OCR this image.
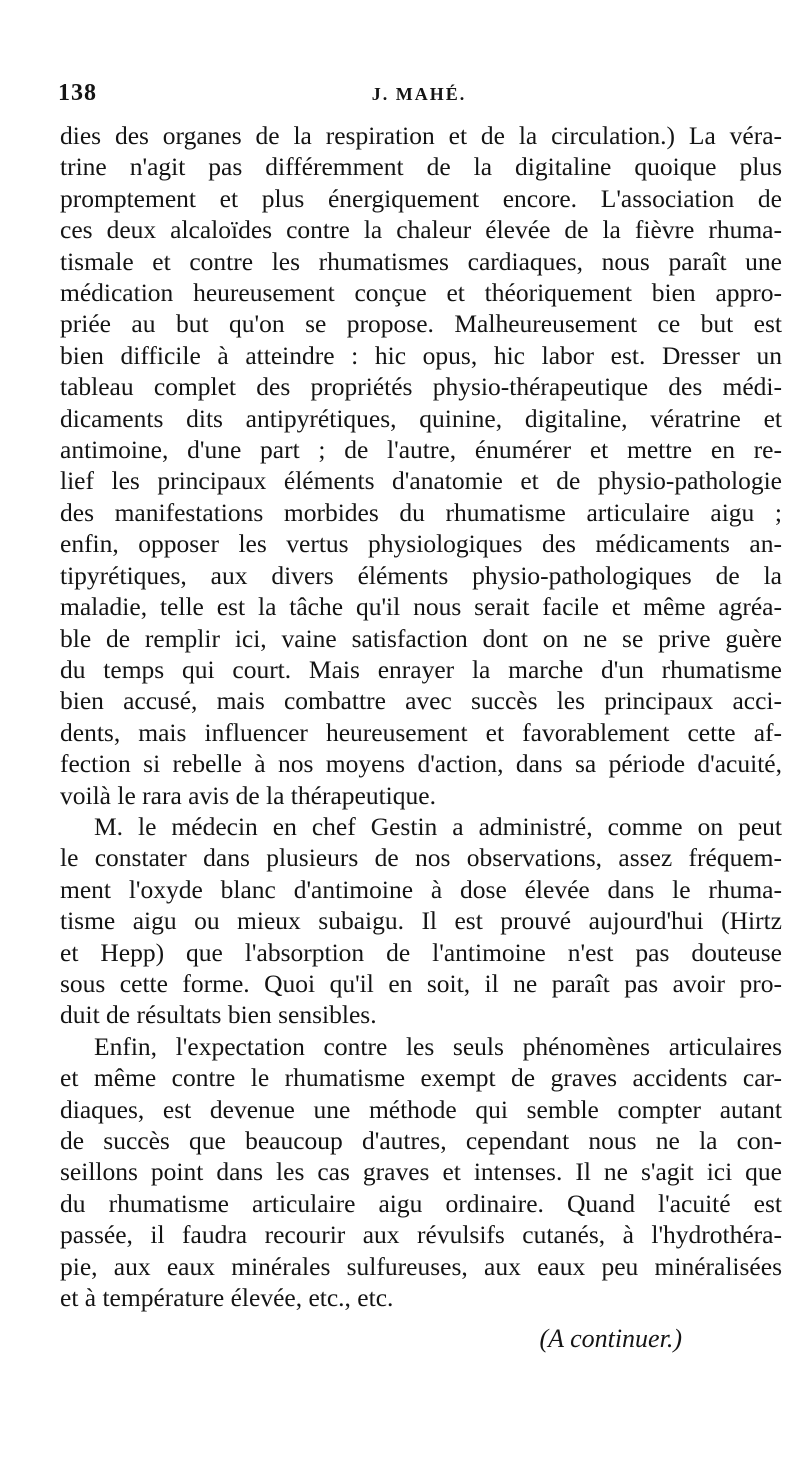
138	J. MAHÉ.
dies des organes de la respiration et de la circulation.) La véra-
trine n'agit pas différemment de la digitaline quoique plus
promptement et plus énergiquement encore. L'association de
ces deux alcaloïdes contre la chaleur élevée de la fièvre rhuma-
tismale et contre les rhumatismes cardiaques, nous paraît une
médication heureusement conçue et théoriquement bien appro-
priée au but qu'on se propose. Malheureusement ce but est
bien difficile à atteindre : hic opus, hic labor est. Dresser un
tableau complet des propriétés physio-thérapeutique des médi-
dicaments dits antipyrétiques, quinine, digitaline, vératrine et
antimoine, d'une part ; de l'autre, énumérer et mettre en re-
lief les principaux éléments d'anatomie et de physio-pathologie
des manifestations morbides du rhumatisme articulaire aigu ;
enfin, opposer les vertus physiologiques des médicaments an-
tipyrétiques, aux divers éléments physio-pathologiques de la
maladie, telle est la tâche qu'il nous serait facile et même agréa-
ble de remplir ici, vaine satisfaction dont on ne se prive guère
du temps qui court. Mais enrayer la marche d'un rhumatisme
bien accusé, mais combattre avec succès les principaux acci-
dents, mais influencer heureusement et favorablement cette af-
fection si rebelle à nos moyens d'action, dans sa période d'acuité,
voilà le rara avis de la thérapeutique.
M. le médecin en chef Gestin a administré, comme on peut
le constater dans plusieurs de nos observations, assez fréquem-
ment l'oxyde blanc d'antimoine à dose élevée dans le rhuma-
tisme aigu ou mieux subaigu. Il est prouvé aujourd'hui (Hirtz
et Hepp) que l'absorption de l'antimoine n'est pas douteuse
sous cette forme. Quoi qu'il en soit, il ne paraît pas avoir pro-
duit de résultats bien sensibles.
Enfin, l'expectation contre les seuls phénomènes articulaires
et même contre le rhumatisme exempt de graves accidents car-
diaques, est devenue une méthode qui semble compter autant
de succès que beaucoup d'autres, cependant nous ne la con-
seillons point dans les cas graves et intenses. Il ne s'agit ici que
du rhumatisme articulaire aigu ordinaire. Quand l'acuité est
passée, il faudra recourir aux révulsifs cutanés, à l'hydrothéra-
pie, aux eaux minérales sulfureuses, aux eaux peu minéralisées
et à température élevée, etc., etc.
(A continuer.)
